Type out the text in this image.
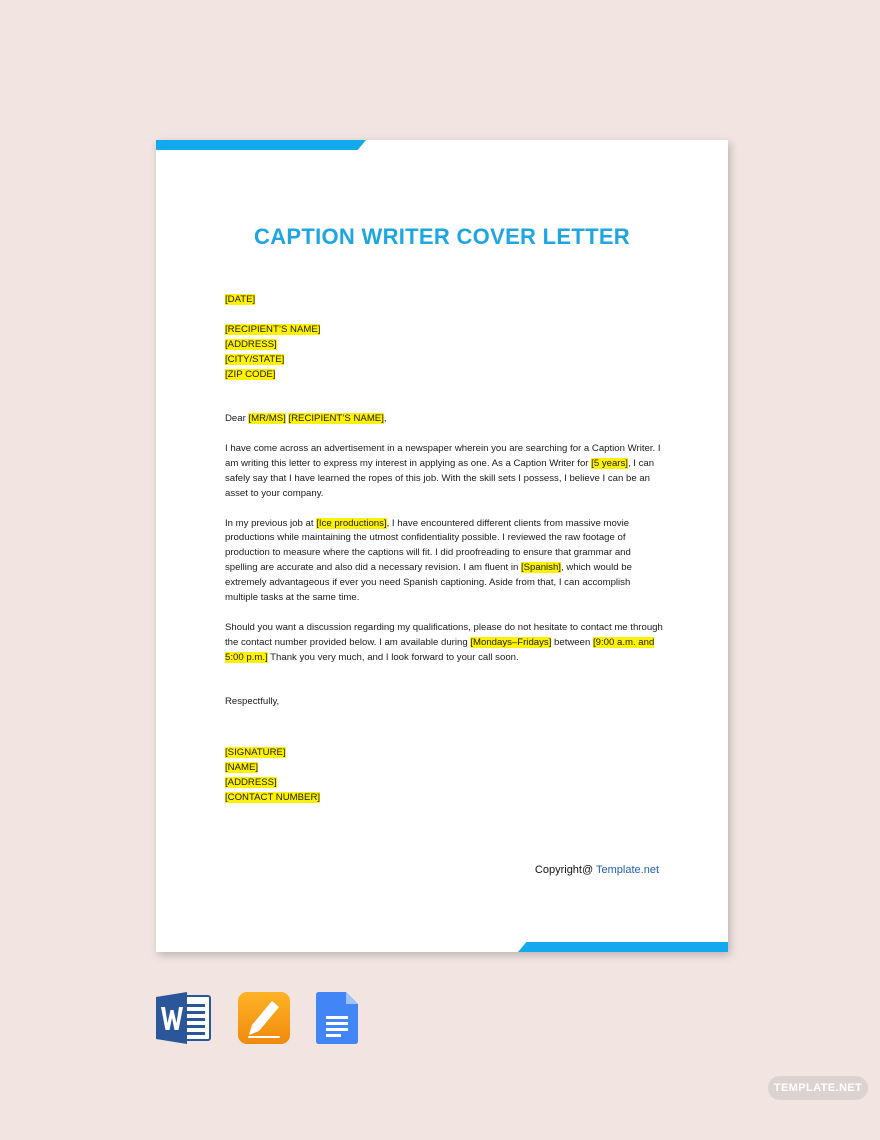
CAPTION WRITER COVER LETTER

[DATE]

[RECIPIENT’S NAME]

[ADDRESS]

[CITY/STATE]

[ZIP CODE]

Dear [MR/MS] [RECIPIENT’S NAME],

I have come across an advertisement in a newspaper wherein you are searching for a Caption Writer. I am writing this letter to express my interest in applying as one. As a Caption Writer for [5 years], I can safely say that I have learned the ropes of this job. With the skill sets I possess, I believe I can be an asset to your company.

In my previous job at [Ice productions], I have encountered different clients from massive movie productions while maintaining the utmost confidentiality possible. I reviewed the raw footage of production to measure where the captions will fit. I did proofreading to ensure that grammar and spelling are accurate and also did a necessary revision. I am fluent in [Spanish], which would be extremely advantageous if ever you need Spanish captioning. Aside from that, I can accomplish multiple tasks at the same time.

Should you want a discussion regarding my qualifications, please do not hesitate to contact me through the contact number provided below. I am available during [Mondays–Fridays] between [9:00 a.m. and 5:00 p.m.] Thank you very much, and I look forward to your call soon.

Respectfully,

[SIGNATURE]

[NAME]

[ADDRESS]

[CONTACT NUMBER]

Copyright@ Template.net
TEMPLATE.NET
